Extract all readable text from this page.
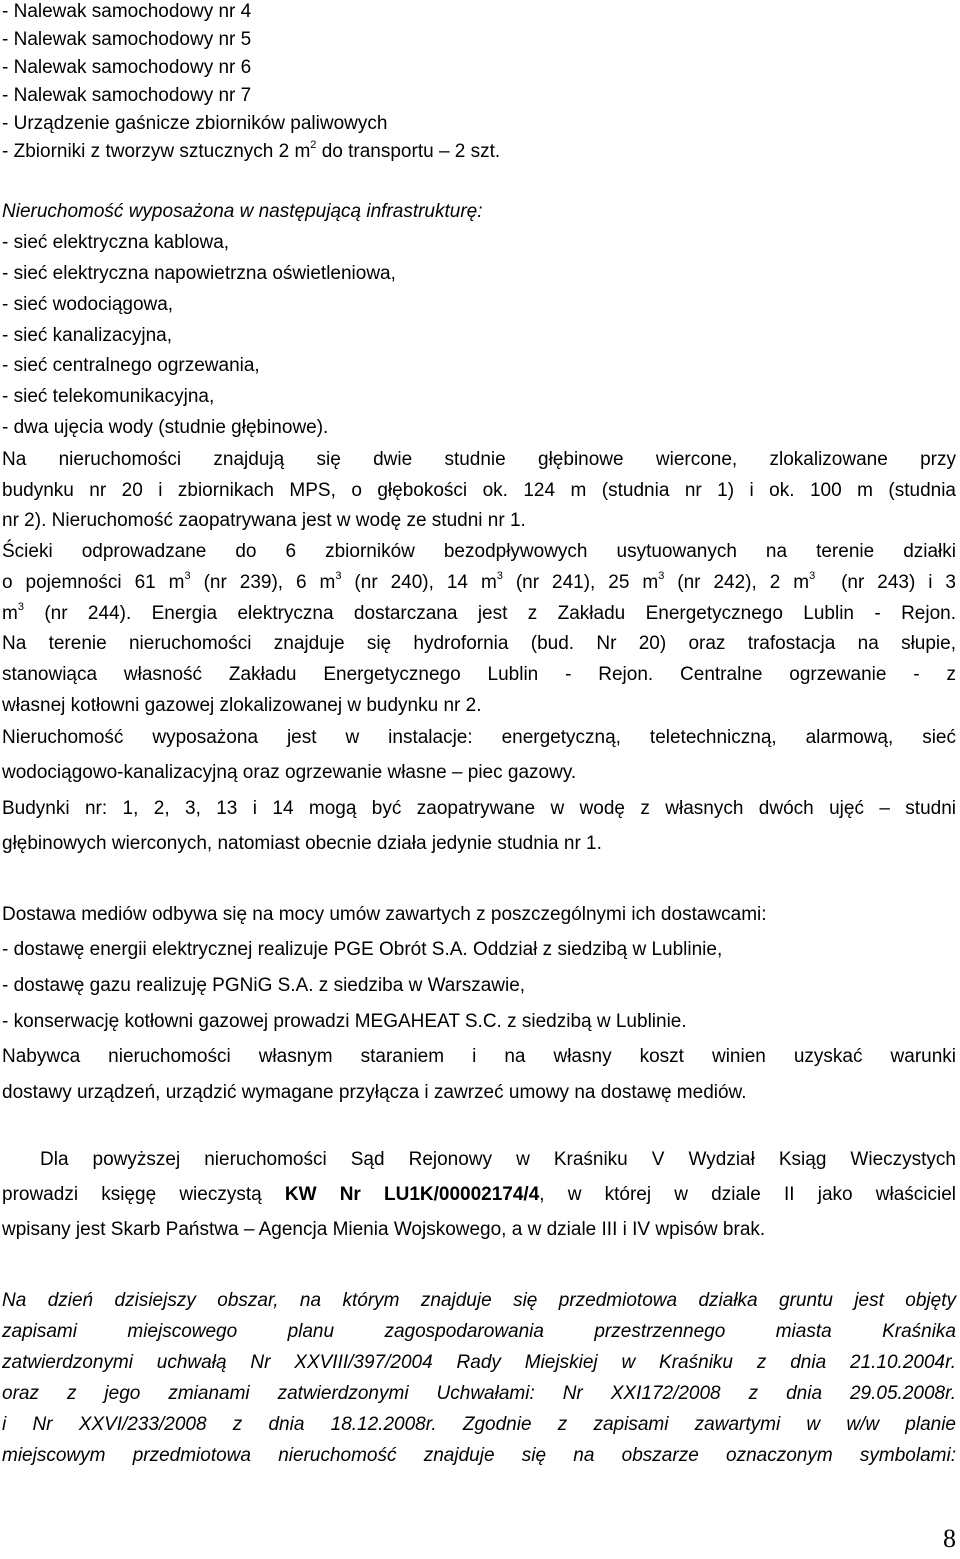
- Nalewak samochodowy nr 4
- Nalewak samochodowy nr 5
- Nalewak samochodowy nr 6
- Nalewak samochodowy nr 7
- Urządzenie gaśnicze zbiorników paliwowych
- Zbiorniki z tworzyw sztucznych 2 $m^2$ do transportu – 2 szt.
Nieruchomość wyposażona w następującą infrastrukturę:
- sieć elektryczna kablowa,
- sieć elektryczna napowietrzna oświetleniowa,
- sieć wodociągowa,
- sieć kanalizacyjna,
- sieć centralnego ogrzewania,
- sieć telekomunikacyjna,
- dwa ujęcia wody (studnie głębinowe).
Na nieruchomości znajdują się dwie studnie głębinowe wiercone, zlokalizowane przy
budynku nr 20 i zbiornikach MPS, o głębokości ok. 124 m (studnia nr 1) i ok. 100 m (studnia
nr 2). Nieruchomość zaopatrywana jest w wodę ze studni nr 1.
Ścieki odprowadzane do 6 zbiorników bezodpływowych usytuowanych na terenie działki
o pojemności 61 $m^3$ (nr 239), 6 $m^3$ (nr 240), 14 $m^3$ (nr 241), 25 $m^3$ (nr 242), 2 $m^3$  (nr 243) i 3
$m^3$ (nr 244). Energia elektryczna dostarczana jest z Zakładu Energetycznego Lublin - Rejon.
Na terenie nieruchomości znajduje się hydrofornia (bud. Nr 20) oraz trafostacja na słupie,
stanowiąca własność Zakładu Energetycznego Lublin - Rejon. Centralne ogrzewanie - z
własnej kotłowni gazowej zlokalizowanej w budynku nr 2.
Nieruchomość wyposażona jest w instalacje: energetyczną, teletechniczną, alarmową, sieć
wodociągowo-kanalizacyjną oraz ogrzewanie własne – piec gazowy.
Budynki nr: 1, 2, 3, 13 i 14 mogą być zaopatrywane w wodę z własnych dwóch ujęć – studni
głębinowych wierconych, natomiast obecnie działa jedynie studnia nr 1.
Dostawa mediów odbywa się na mocy umów zawartych z poszczególnymi ich dostawcami:
- dostawę energii elektrycznej realizuje PGE Obrót S.A. Oddział z siedzibą w Lublinie,
- dostawę gazu realizuję PGNiG S.A. z siedziba w Warszawie,
- konserwację kotłowni gazowej prowadzi MEGAHEAT S.C. z siedzibą w Lublinie.
Nabywca nieruchomości własnym staraniem i na własny koszt winien uzyskać warunki
dostawy urządzeń, urządzić wymagane przyłącza i zawrzeć umowy na dostawę mediów.
Dla powyższej nieruchomości Sąd Rejonowy w Kraśniku V Wydział Ksiąg Wieczystych
prowadzi księgę wieczystą KW Nr LU1K/00002174/4, w której w dziale II jako właściciel
wpisany jest Skarb Państwa – Agencja Mienia Wojskowego, a w dziale III i IV wpisów brak.
Na dzień dzisiejszy obszar, na którym znajduje się przedmiotowa działka gruntu jest objęty
zapisami miejscowego planu zagospodarowania przestrzennego miasta Kraśnika
zatwierdzonymi uchwałą Nr XXVIII/397/2004 Rady Miejskiej w Kraśniku z dnia 21.10.2004r.
oraz z jego zmianami zatwierdzonymi Uchwałami: Nr XXI172/2008 z dnia 29.05.2008r.
i Nr XXVI/233/2008 z dnia 18.12.2008r. Zgodnie z zapisami zawartymi w w/w planie
miejscowym przedmiotowa nieruchomość znajduje się na obszarze oznaczonym symbolami:
8
